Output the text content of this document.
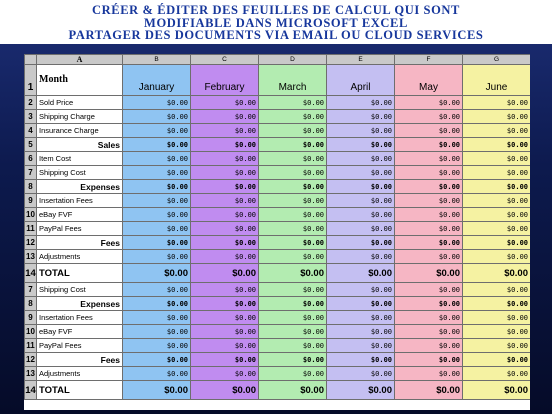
CRÉER & ÉDITER DES FEUILLES DE CALCUL QUI SONT
MODIFIABLE DANS MICROSOFT EXCEL
PARTAGER DES DOCUMENTS VIA EMAIL OU CLOUD SERVICES
	A	B	C	D	E	F	G
1	Month	January	February	March	April	May	June
2	Sold Price	$0.00	$0.00	$0.00	$0.00	$0.00	$0.00
3	Shipping Charge	$0.00	$0.00	$0.00	$0.00	$0.00	$0.00
4	Insurance Charge	$0.00	$0.00	$0.00	$0.00	$0.00	$0.00
5	Sales	$0.00	$0.00	$0.00	$0.00	$0.00	$0.00
6	Item Cost	$0.00	$0.00	$0.00	$0.00	$0.00	$0.00
7	Shipping Cost	$0.00	$0.00	$0.00	$0.00	$0.00	$0.00
8	Expenses	$0.00	$0.00	$0.00	$0.00	$0.00	$0.00
9	Insertation Fees	$0.00	$0.00	$0.00	$0.00	$0.00	$0.00
10	eBay FVF	$0.00	$0.00	$0.00	$0.00	$0.00	$0.00
11	PayPal Fees	$0.00	$0.00	$0.00	$0.00	$0.00	$0.00
12	Fees	$0.00	$0.00	$0.00	$0.00	$0.00	$0.00
13	Adjustments	$0.00	$0.00	$0.00	$0.00	$0.00	$0.00
14	TOTAL	$0.00	$0.00	$0.00	$0.00	$0.00	$0.00
7	Shipping Cost	$0.00	$0.00	$0.00	$0.00	$0.00	$0.00
8	Expenses	$0.00	$0.00	$0.00	$0.00	$0.00	$0.00
9	Insertation Fees	$0.00	$0.00	$0.00	$0.00	$0.00	$0.00
10	eBay FVF	$0.00	$0.00	$0.00	$0.00	$0.00	$0.00
11	PayPal Fees	$0.00	$0.00	$0.00	$0.00	$0.00	$0.00
12	Fees	$0.00	$0.00	$0.00	$0.00	$0.00	$0.00
13	Adjustments	$0.00	$0.00	$0.00	$0.00	$0.00	$0.00
14	TOTAL	$0.00	$0.00	$0.00	$0.00	$0.00	$0.00
